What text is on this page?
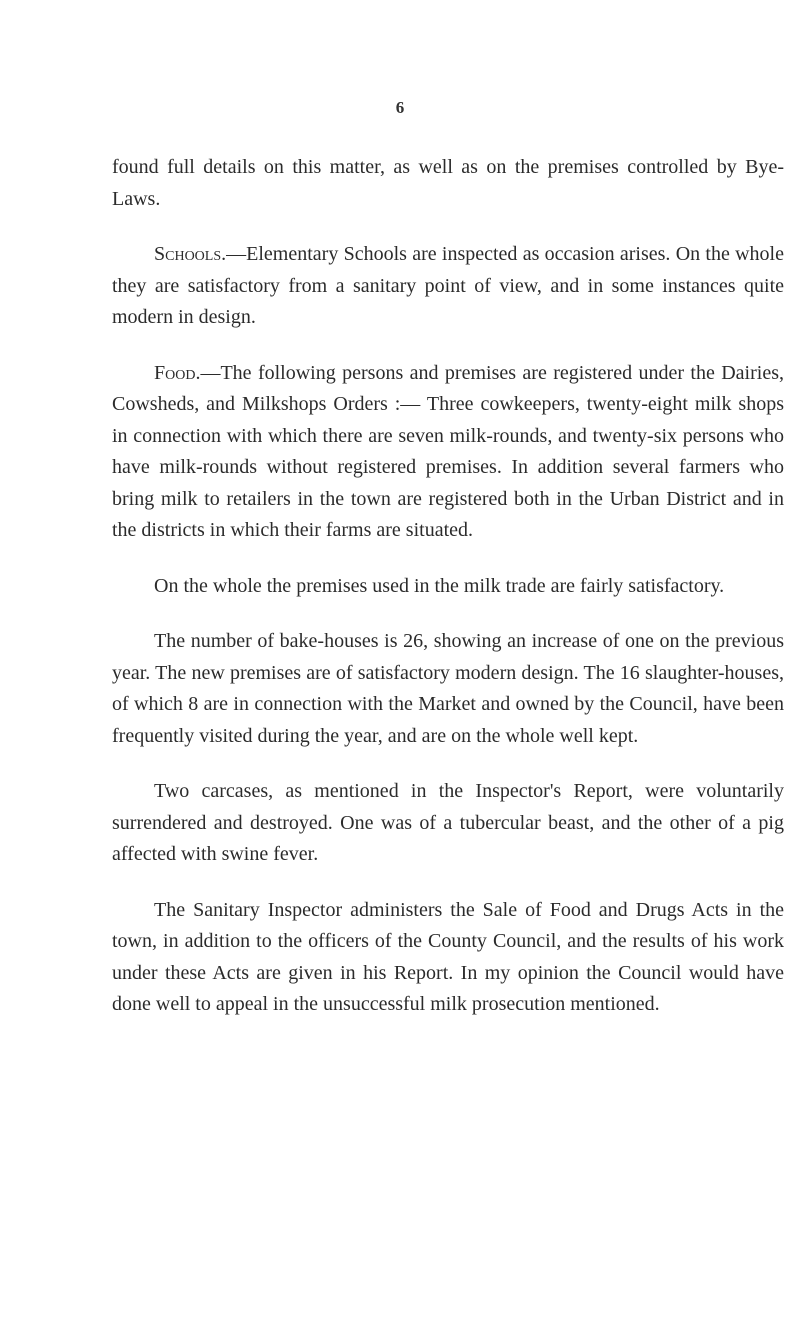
6

found full details on this matter, as well as on the premises controlled by Bye-Laws.

Schools.—Elementary Schools are inspected as occasion arises. On the whole they are satisfactory from a sanitary point of view, and in some instances quite modern in design.

Food.—The following persons and premises are registered under the Dairies, Cowsheds, and Milkshops Orders :— Three cowkeepers, twenty-eight milk shops in connection with which there are seven milk-rounds, and twenty-six persons who have milk-rounds without registered premises. In addition several farmers who bring milk to retailers in the town are registered both in the Urban District and in the districts in which their farms are situated.

On the whole the premises used in the milk trade are fairly satisfactory.

The number of bake-houses is 26, showing an increase of one on the previous year. The new premises are of satisfactory modern design. The 16 slaughter-houses, of which 8 are in connection with the Market and owned by the Council, have been frequently visited during the year, and are on the whole well kept.

Two carcases, as mentioned in the Inspector's Report, were voluntarily surrendered and destroyed. One was of a tubercular beast, and the other of a pig affected with swine fever.

The Sanitary Inspector administers the Sale of Food and Drugs Acts in the town, in addition to the officers of the County Council, and the results of his work under these Acts are given in his Report. In my opinion the Council would have done well to appeal in the unsuccessful milk prosecution mentioned.
